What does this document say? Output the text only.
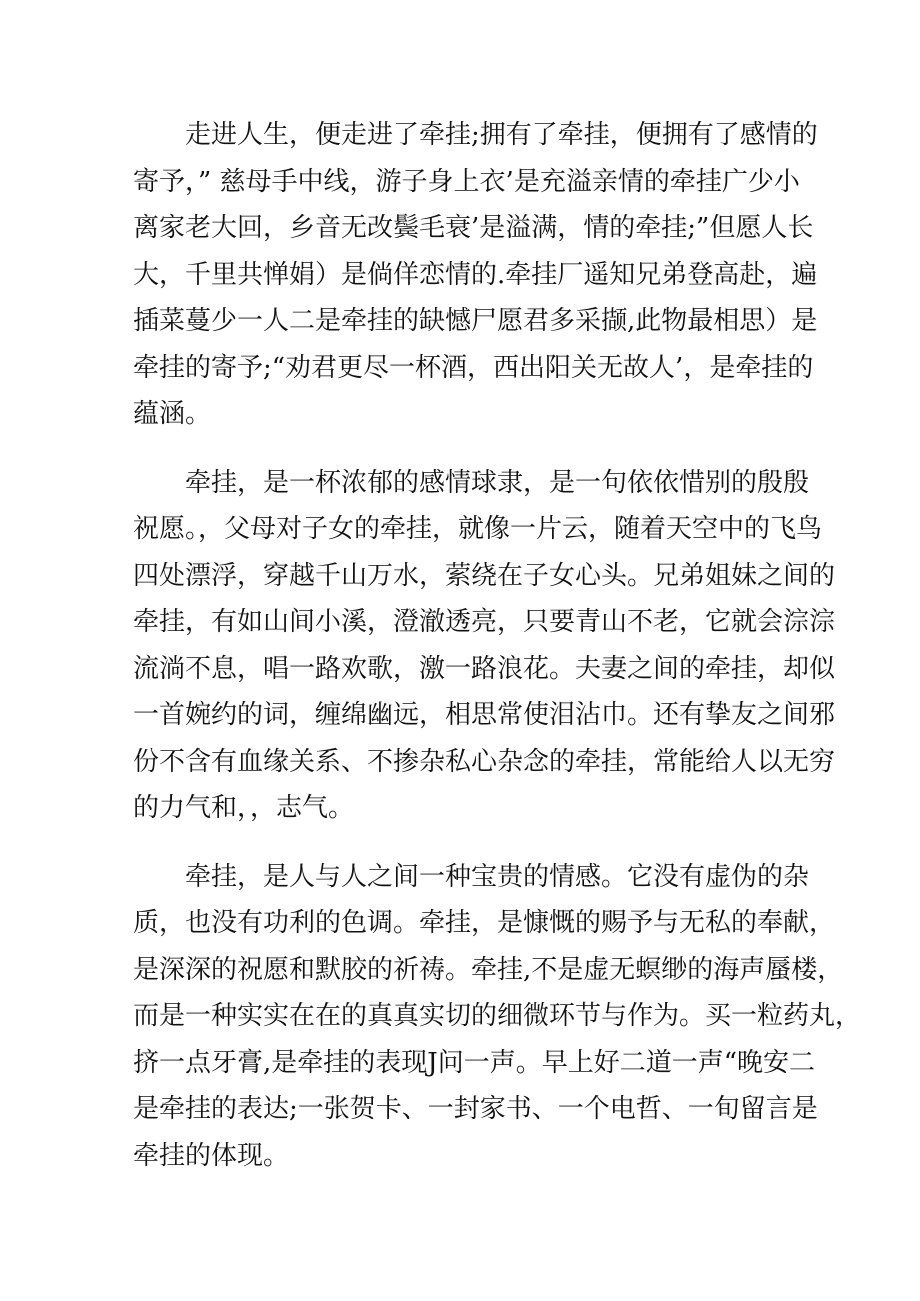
走进人生，便走进了牵挂;拥有了牵挂，便拥有了感情的
寄予，” 慈母手中线，游子身上衣’是充溢亲情的牵挂广少小
离家老大回，乡音无改鬓毛衰’是溢满，情的牵挂;”但愿人长
大，千里共惮娟）是倘佯恋情的.牵挂厂遥知兄弟登高赴，遍
插菜蔓少一人二是牵挂的缺憾尸愿君多采撷,此物最相思）是
牵挂的寄予;“劝君更尽一杯酒，西出阳关无故人’，是牵挂的
蕴涵。
牵挂，是一杯浓郁的感情球隶，是一句依依惜别的殷殷
祝愿。，父母对子女的牵挂，就像一片云，随着天空中的飞鸟
四处漂浮，穿越千山万水，萦绕在子女心头。兄弟姐妹之间的
牵挂，有如山间小溪，澄澈透亮，只要青山不老，它就会淙淙
流淌不息，唱一路欢歌，激一路浪花。夫妻之间的牵挂，却似
一首婉约的词，缠绵幽远，相思常使泪沾巾。还有挚友之间邪
份不含有血缘关系、不掺杂私心杂念的牵挂，常能给人以无穷
的力气和，，志气。
牵挂，是人与人之间一种宝贵的情感。它没有虚伪的杂
质，也没有功利的色调。牵挂，是慷慨的赐予与无私的奉献，
是深深的祝愿和默胶的祈祷。牵挂,不是虚无螟缈的海声蜃楼，
而是一种实实在在的真真实切的细微环节与作为。买一粒药丸，
挤一点牙膏,是牵挂的表现J问一声。早上好二道一声“晚安二
是牵挂的表达;一张贺卡、一封家书、一个电哲、一旬留言是
牵挂的体现。
